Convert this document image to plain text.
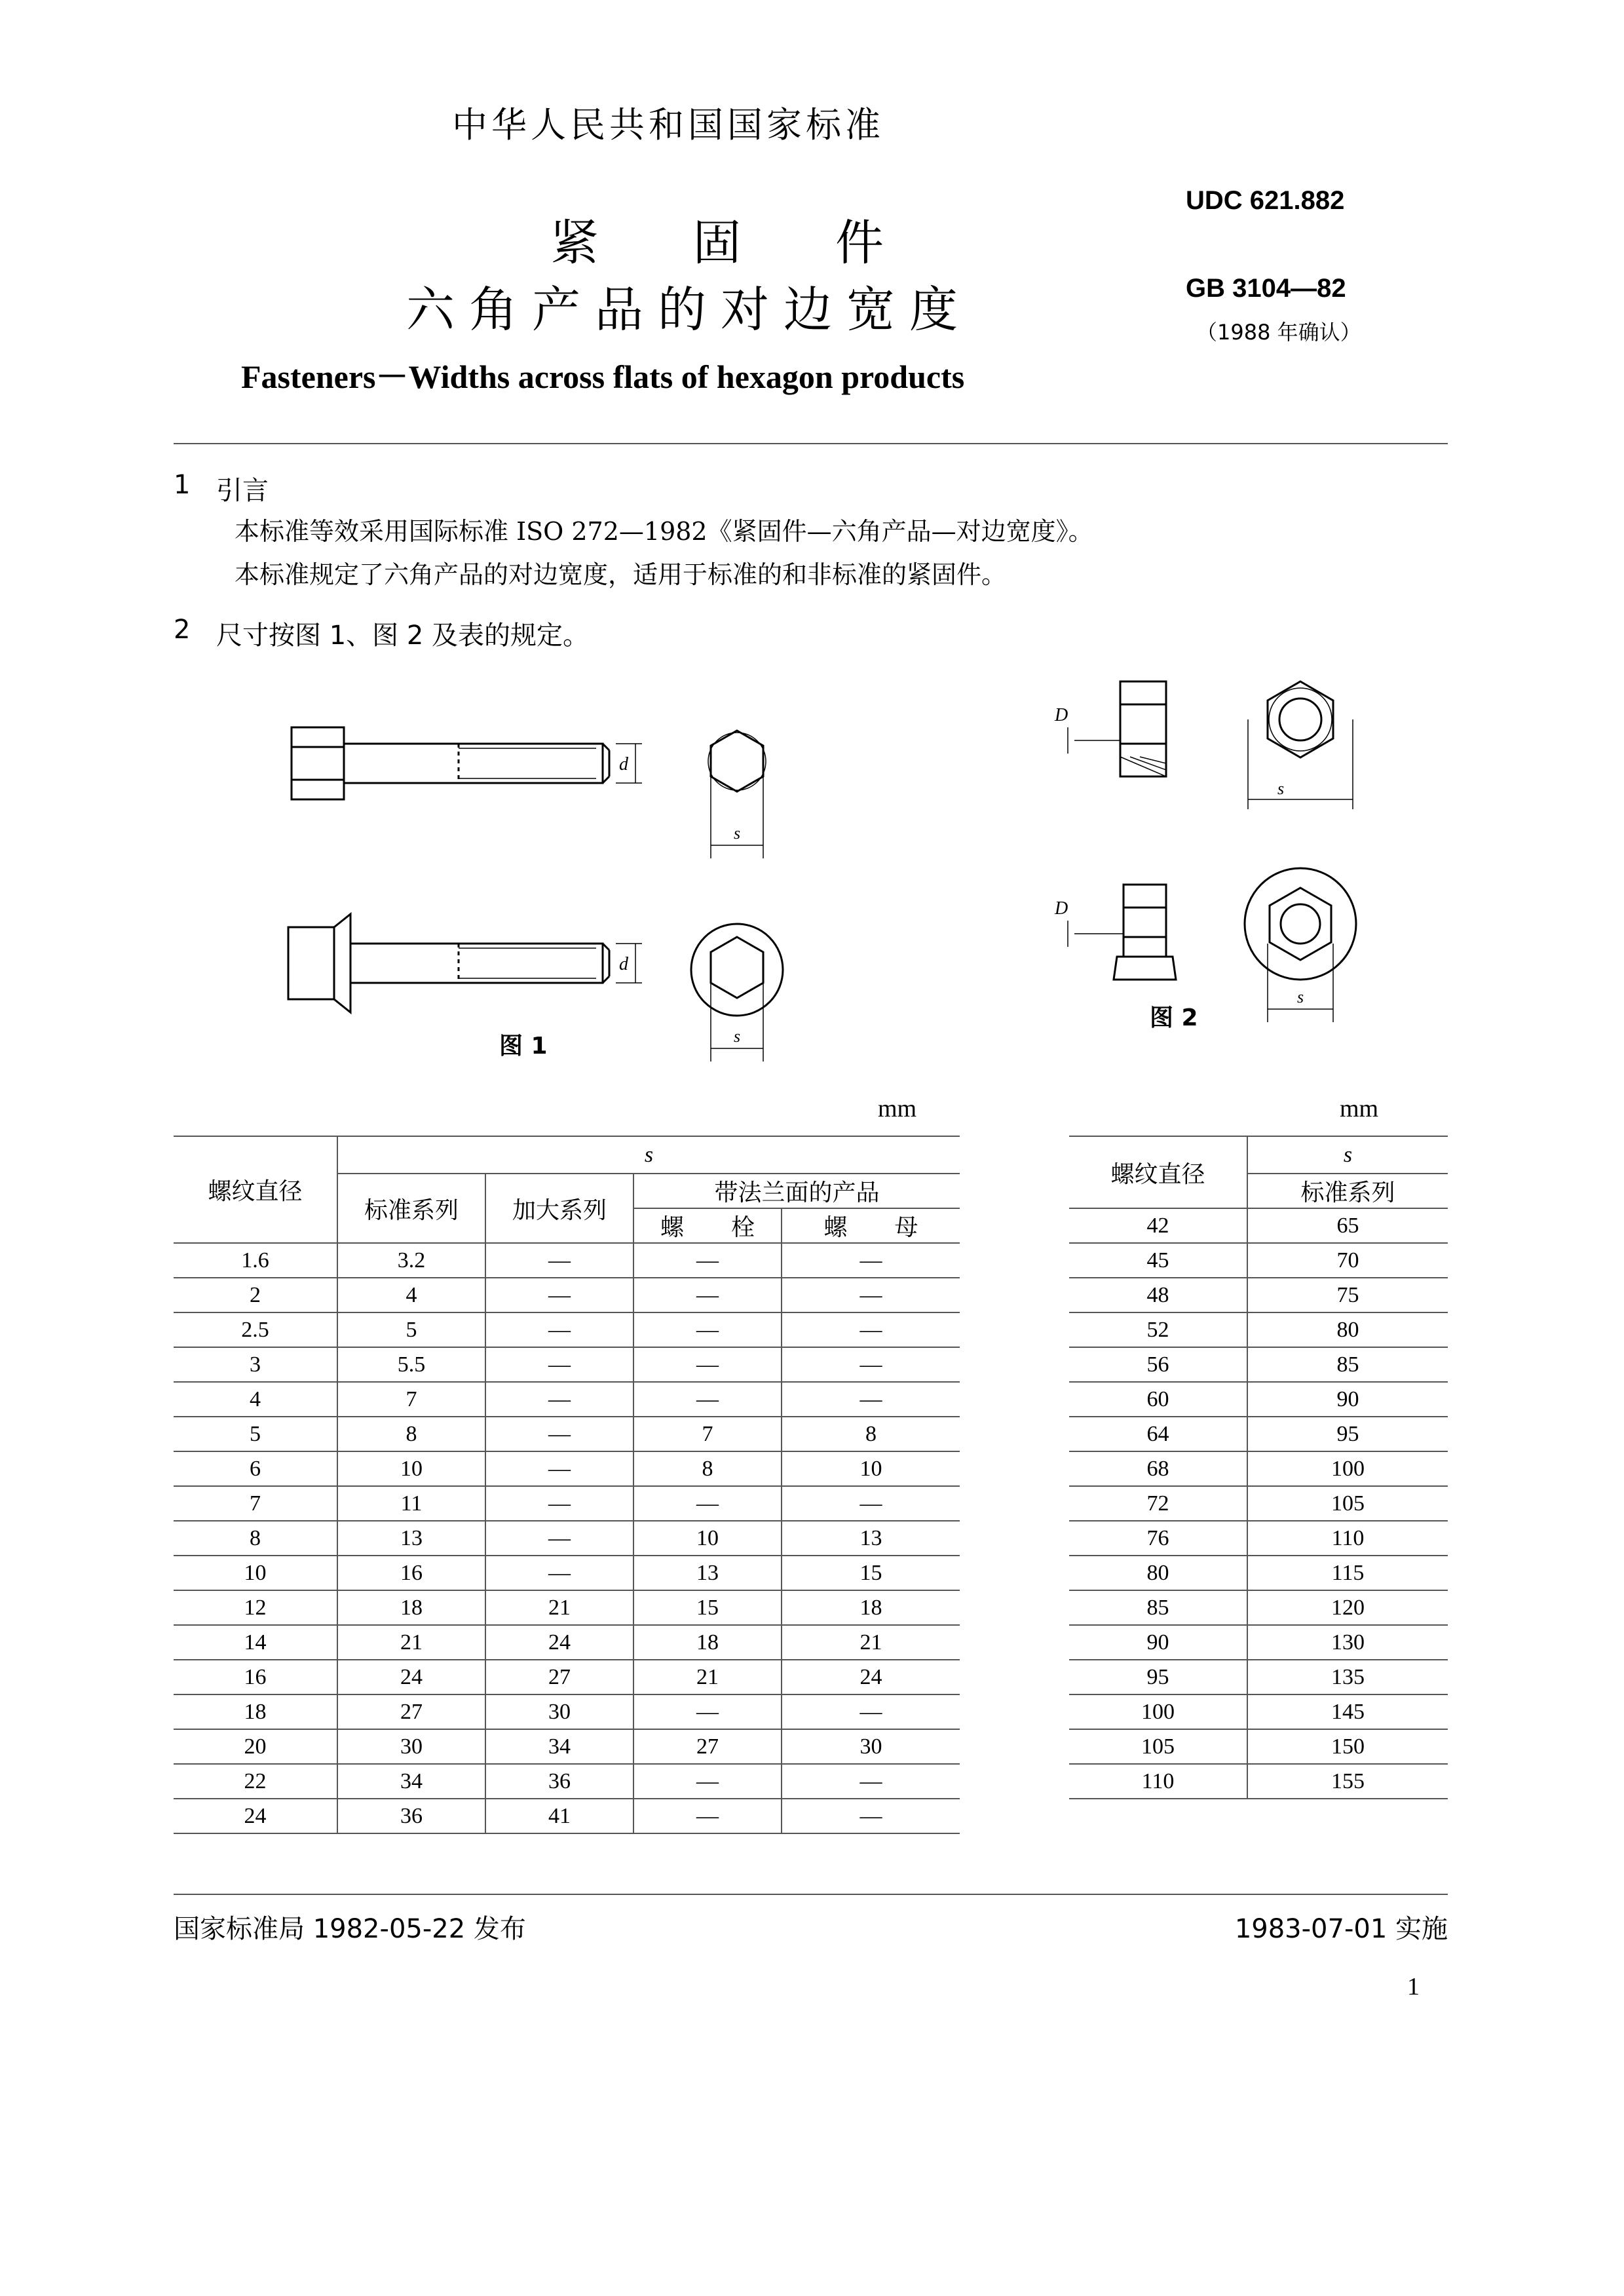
中华人民共和国国家标准
紧 固 件
六角产品的对边宽度
Fasteners－Widths across flats of hexagon products
UDC 621.882
GB 3104—82
（1988 年确认）
1 引言
本标准等效采用国际标准 ISO 272—1982《紧固件—六角产品—对边宽度》。
本标准规定了六角产品的对边宽度，适用于标准的和非标准的紧固件。
2 尺寸按图 1、图 2 及表的规定。
d
s
d
s
图 1
D
s
D
s
图 2
mm	mm
螺纹直径	s			
	标准系列	加大系列	带法兰面的产品	
			螺　　栓	螺　　母
1.6	3.2	—	—	—
2	4	—	—	—
2.5	5	—	—	—
3	5.5	—	—	—
4	7	—	—	—
5	8	—	7	8
6	10	—	8	10
7	11	—	—	—
8	13	—	10	13
10	16	—	13	15
12	18	21	15	18
14	21	24	18	21
16	24	27	21	24
18	27	30	—	—
20	30	34	27	30
22	34	36	—	—
24	36	41	—	—
螺纹直径	s
	标准系列

42	65
45	70
48	75
52	80
56	85
60	90
64	95
68	100
72	105
76	110
80	115
85	120
90	130
95	135
100	145
105	150
110	155
国家标准局 1982-05-22 发布	1983-07-01 实施
1
